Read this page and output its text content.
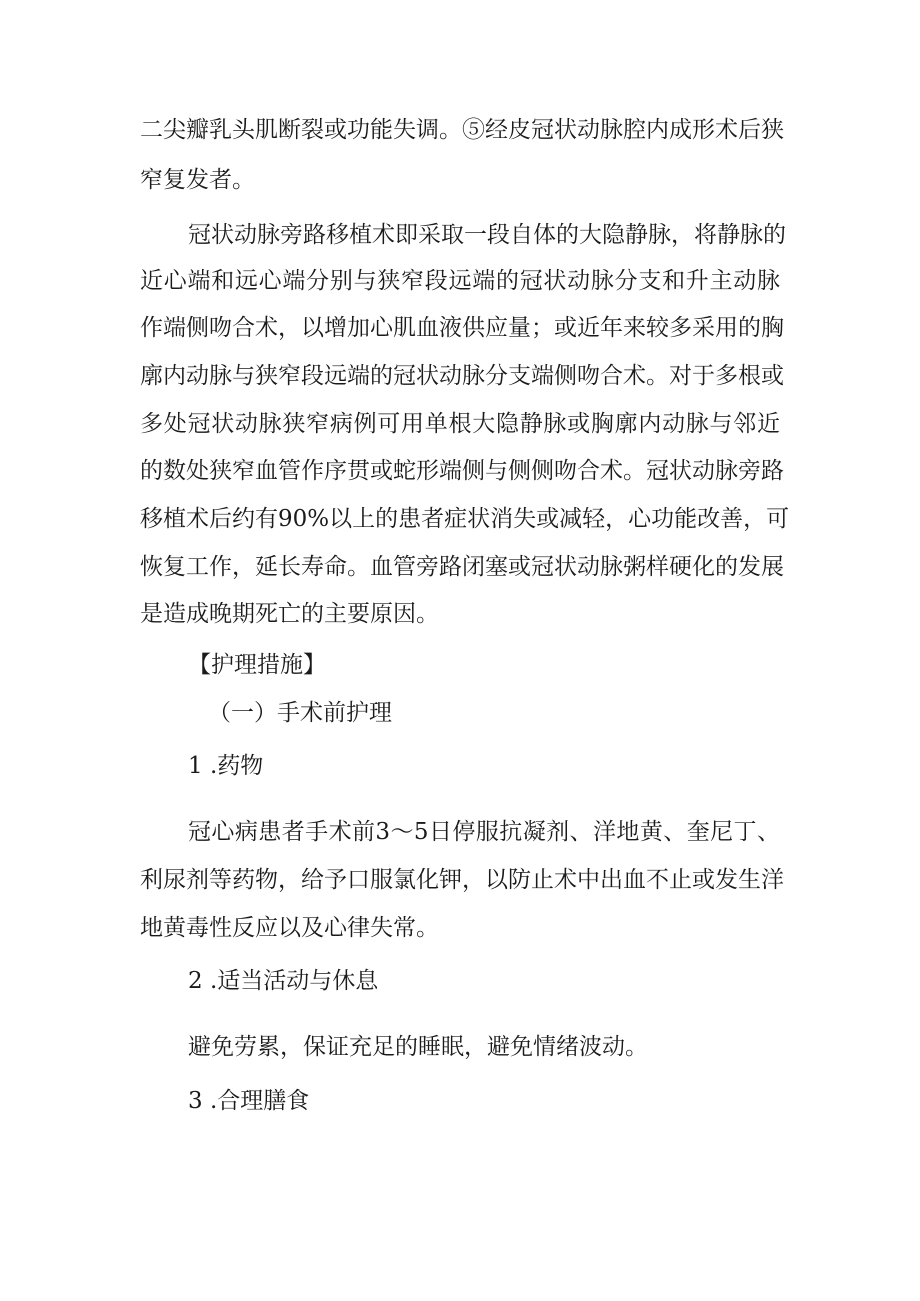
二尖瓣乳头肌断裂或功能失调。⑤经皮冠状动脉腔内成形术后狭

窄复发者。

冠状动脉旁路移植术即采取一段自体的大隐静脉，将静脉的

近心端和远心端分别与狭窄段远端的冠状动脉分支和升主动脉

作端侧吻合术，以增加心肌血液供应量；或近年来较多采用的胸

廓内动脉与狭窄段远端的冠状动脉分支端侧吻合术。对于多根或

多处冠状动脉狭窄病例可用单根大隐静脉或胸廓内动脉与邻近

的数处狭窄血管作序贯或蛇形端侧与侧侧吻合术。冠状动脉旁路

移植术后约有90%以上的患者症状消失或减轻，心功能改善，可

恢复工作，延长寿命。血管旁路闭塞或冠状动脉粥样硬化的发展

是造成晚期死亡的主要原因。

【护理措施】

（一）手术前护理

1 .药物

冠心病患者手术前3～5日停服抗凝剂、洋地黄、奎尼丁、

利尿剂等药物，给予口服氯化钾，以防止术中出血不止或发生洋

地黄毒性反应以及心律失常。

2 .适当活动与休息

避免劳累，保证充足的睡眠，避免情绪波动。

3 .合理膳食
